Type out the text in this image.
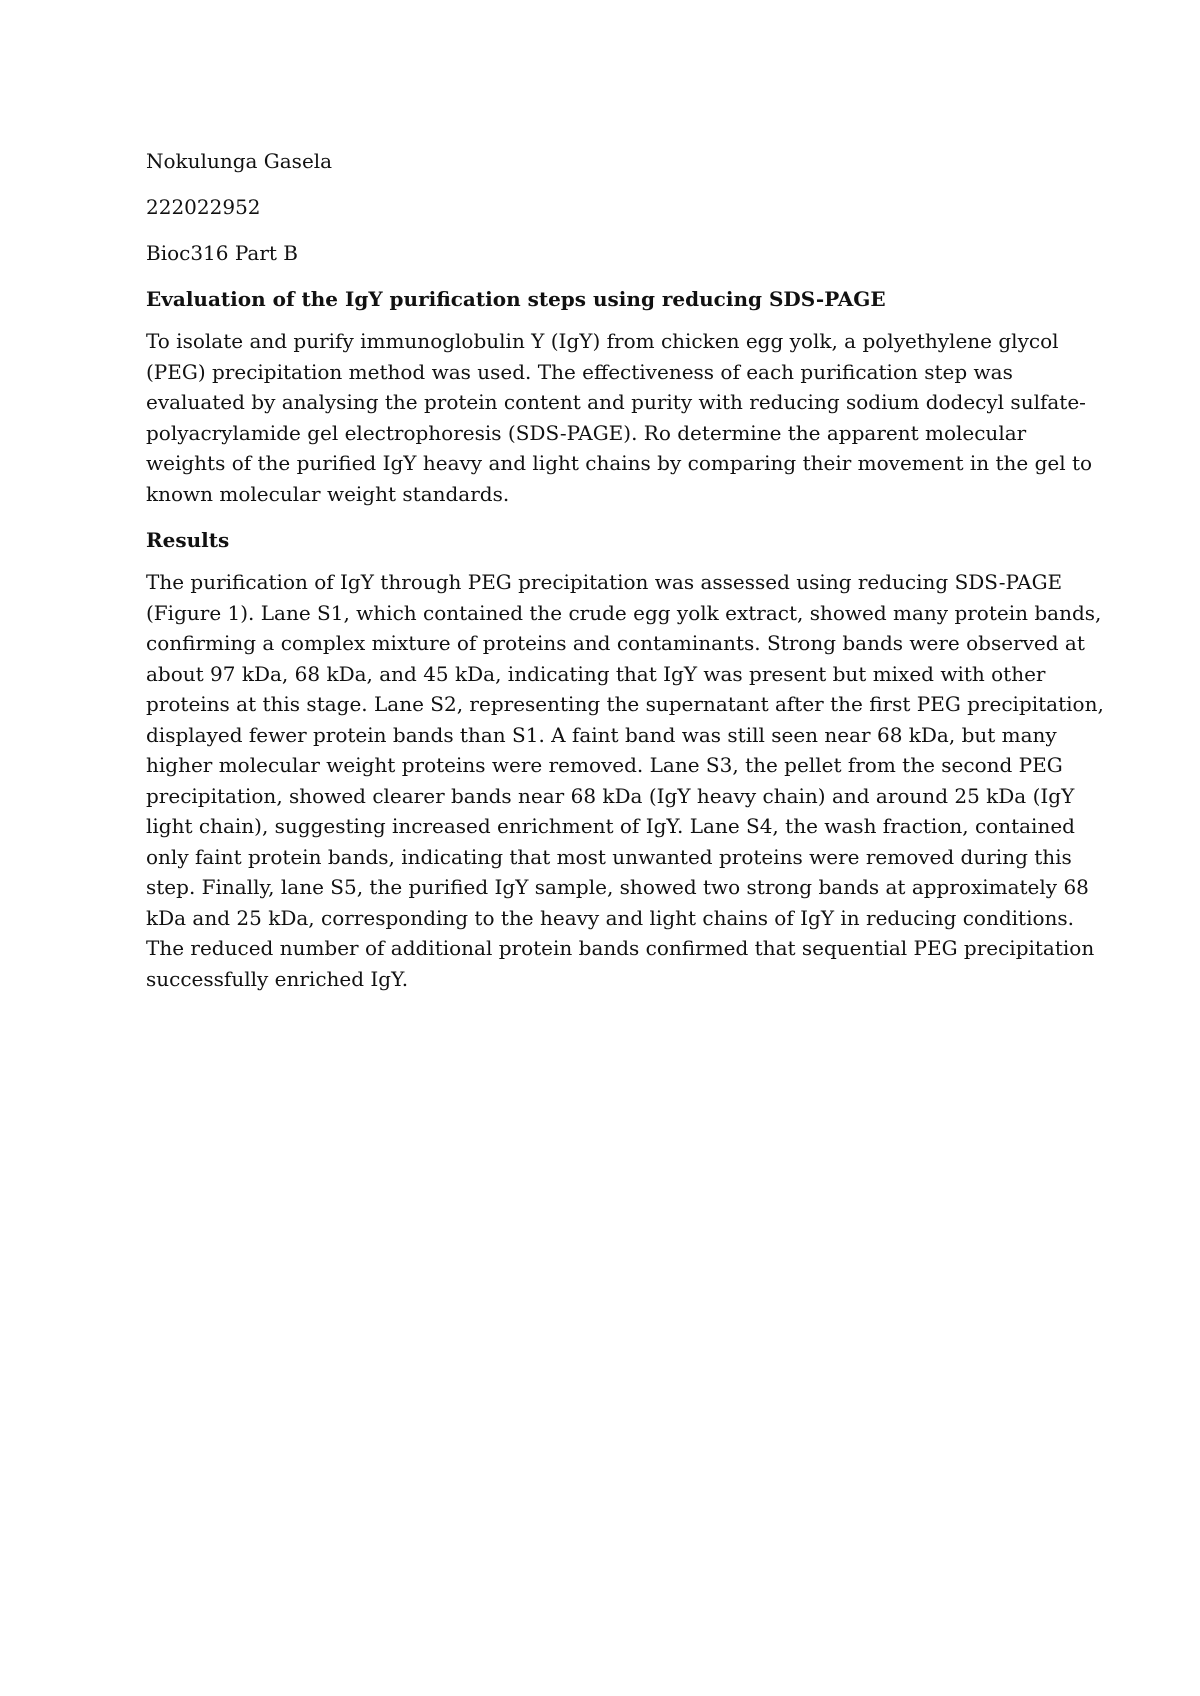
Nokulunga Gasela
222022952
Bioc316 Part B
Evaluation of the IgY purification steps using reducing SDS-PAGE
To isolate and purify immunoglobulin Y (IgY) from chicken egg yolk, a polyethylene glycol
(PEG) precipitation method was used. The effectiveness of each purification step was
evaluated by analysing the protein content and purity with reducing sodium dodecyl sulfate-
polyacrylamide gel electrophoresis (SDS-PAGE). Ro determine the apparent molecular
weights of the purified IgY heavy and light chains by comparing their movement in the gel to
known molecular weight standards.
Results
The purification of IgY through PEG precipitation was assessed using reducing SDS-PAGE
(Figure 1). Lane S1, which contained the crude egg yolk extract, showed many protein bands,
confirming a complex mixture of proteins and contaminants. Strong bands were observed at
about 97 kDa, 68 kDa, and 45 kDa, indicating that IgY was present but mixed with other
proteins at this stage. Lane S2, representing the supernatant after the first PEG precipitation,
displayed fewer protein bands than S1. A faint band was still seen near 68 kDa, but many
higher molecular weight proteins were removed. Lane S3, the pellet from the second PEG
precipitation, showed clearer bands near 68 kDa (IgY heavy chain) and around 25 kDa (IgY
light chain), suggesting increased enrichment of IgY. Lane S4, the wash fraction, contained
only faint protein bands, indicating that most unwanted proteins were removed during this
step. Finally, lane S5, the purified IgY sample, showed two strong bands at approximately 68
kDa and 25 kDa, corresponding to the heavy and light chains of IgY in reducing conditions.
The reduced number of additional protein bands confirmed that sequential PEG precipitation
successfully enriched IgY.
